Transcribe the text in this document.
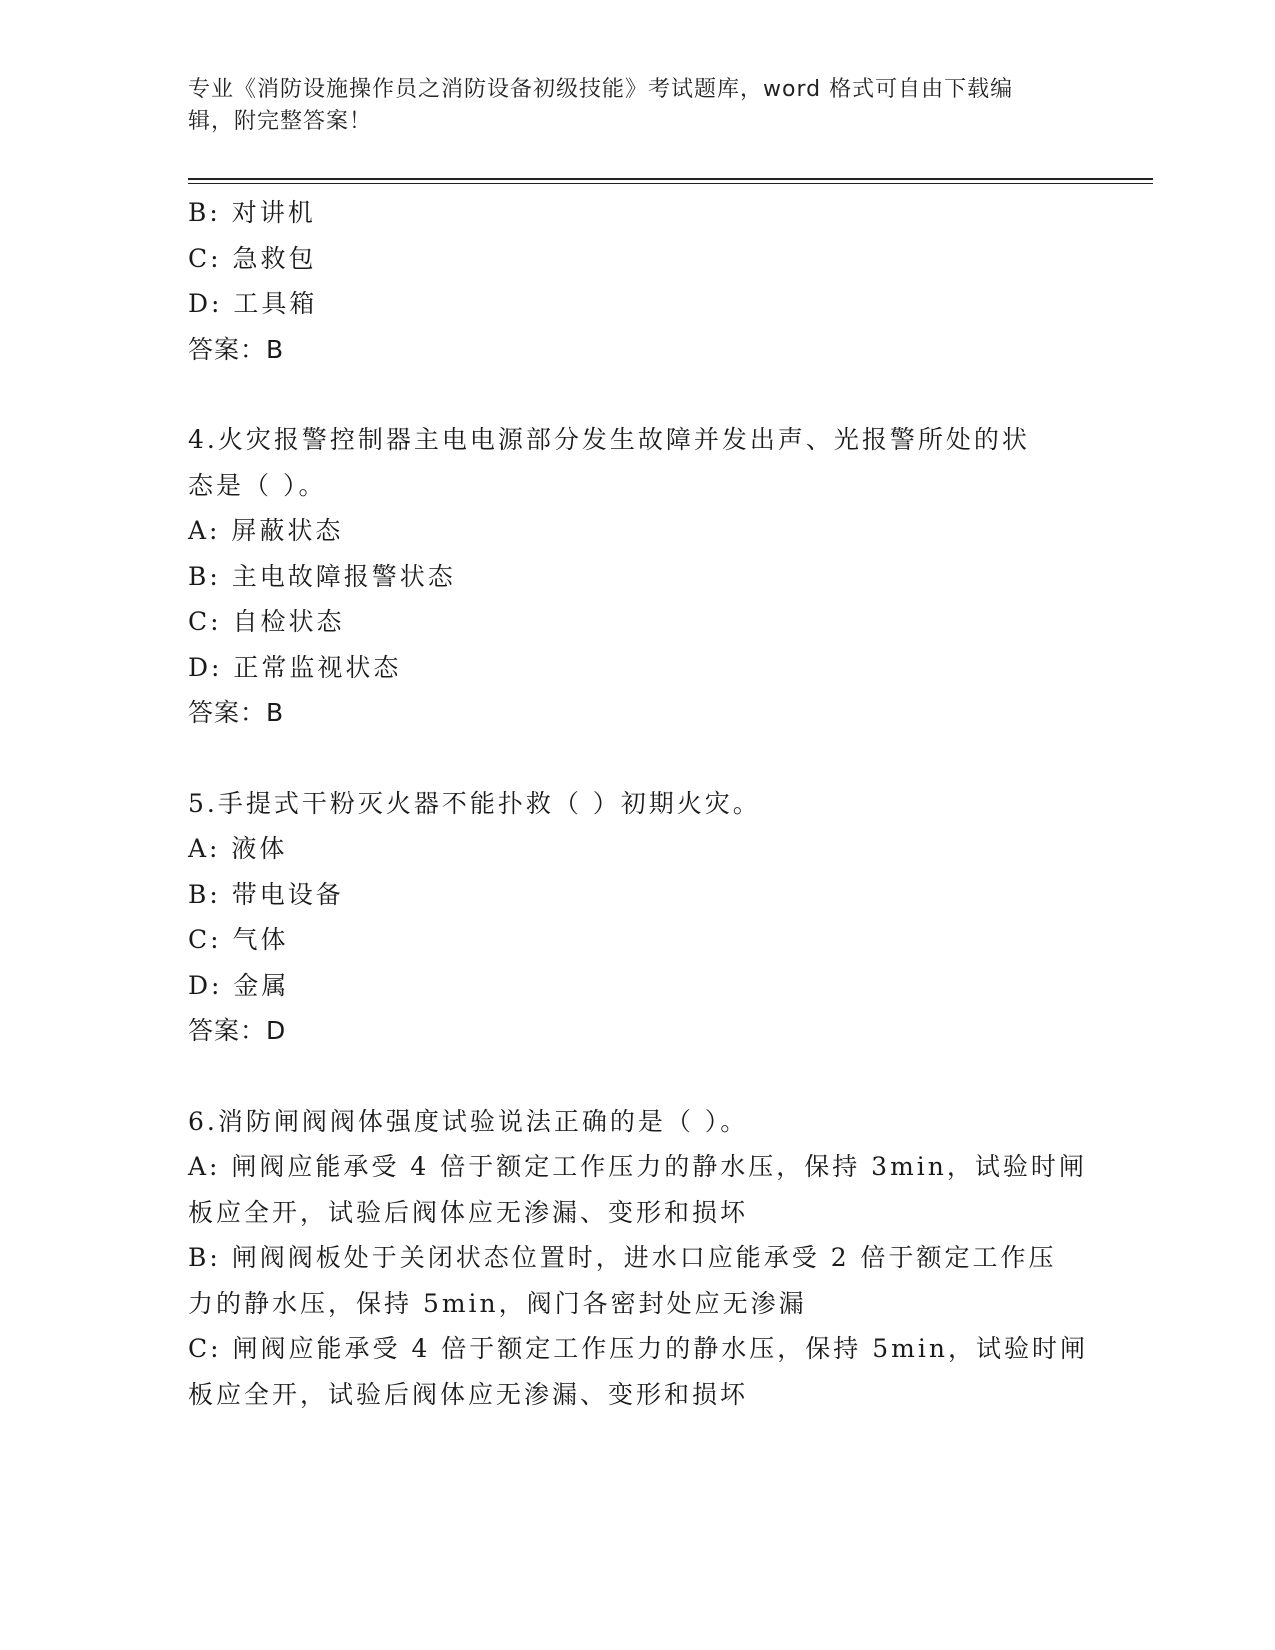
专业《消防设施操作员之消防设备初级技能》考试题库，word 格式可自由下载编
辑，附完整答案！
B: 对讲机
C: 急救包
D: 工具箱
答案：B
4.火灾报警控制器主电电源部分发生故障并发出声、光报警所处的状
态是（ ）。
A: 屏蔽状态
B: 主电故障报警状态
C: 自检状态
D: 正常监视状态
答案：B
5.手提式干粉灭火器不能扑救（ ）初期火灾。
A: 液体
B: 带电设备
C: 气体
D: 金属
答案：D
6.消防闸阀阀体强度试验说法正确的是（ ）。
A: 闸阀应能承受 4 倍于额定工作压力的静水压，保持 3min，试验时闸
板应全开，试验后阀体应无渗漏、变形和损坏
B: 闸阀阀板处于关闭状态位置时，进水口应能承受 2 倍于额定工作压
力的静水压，保持 5min，阀门各密封处应无渗漏
C: 闸阀应能承受 4 倍于额定工作压力的静水压，保持 5min，试验时闸
板应全开，试验后阀体应无渗漏、变形和损坏
